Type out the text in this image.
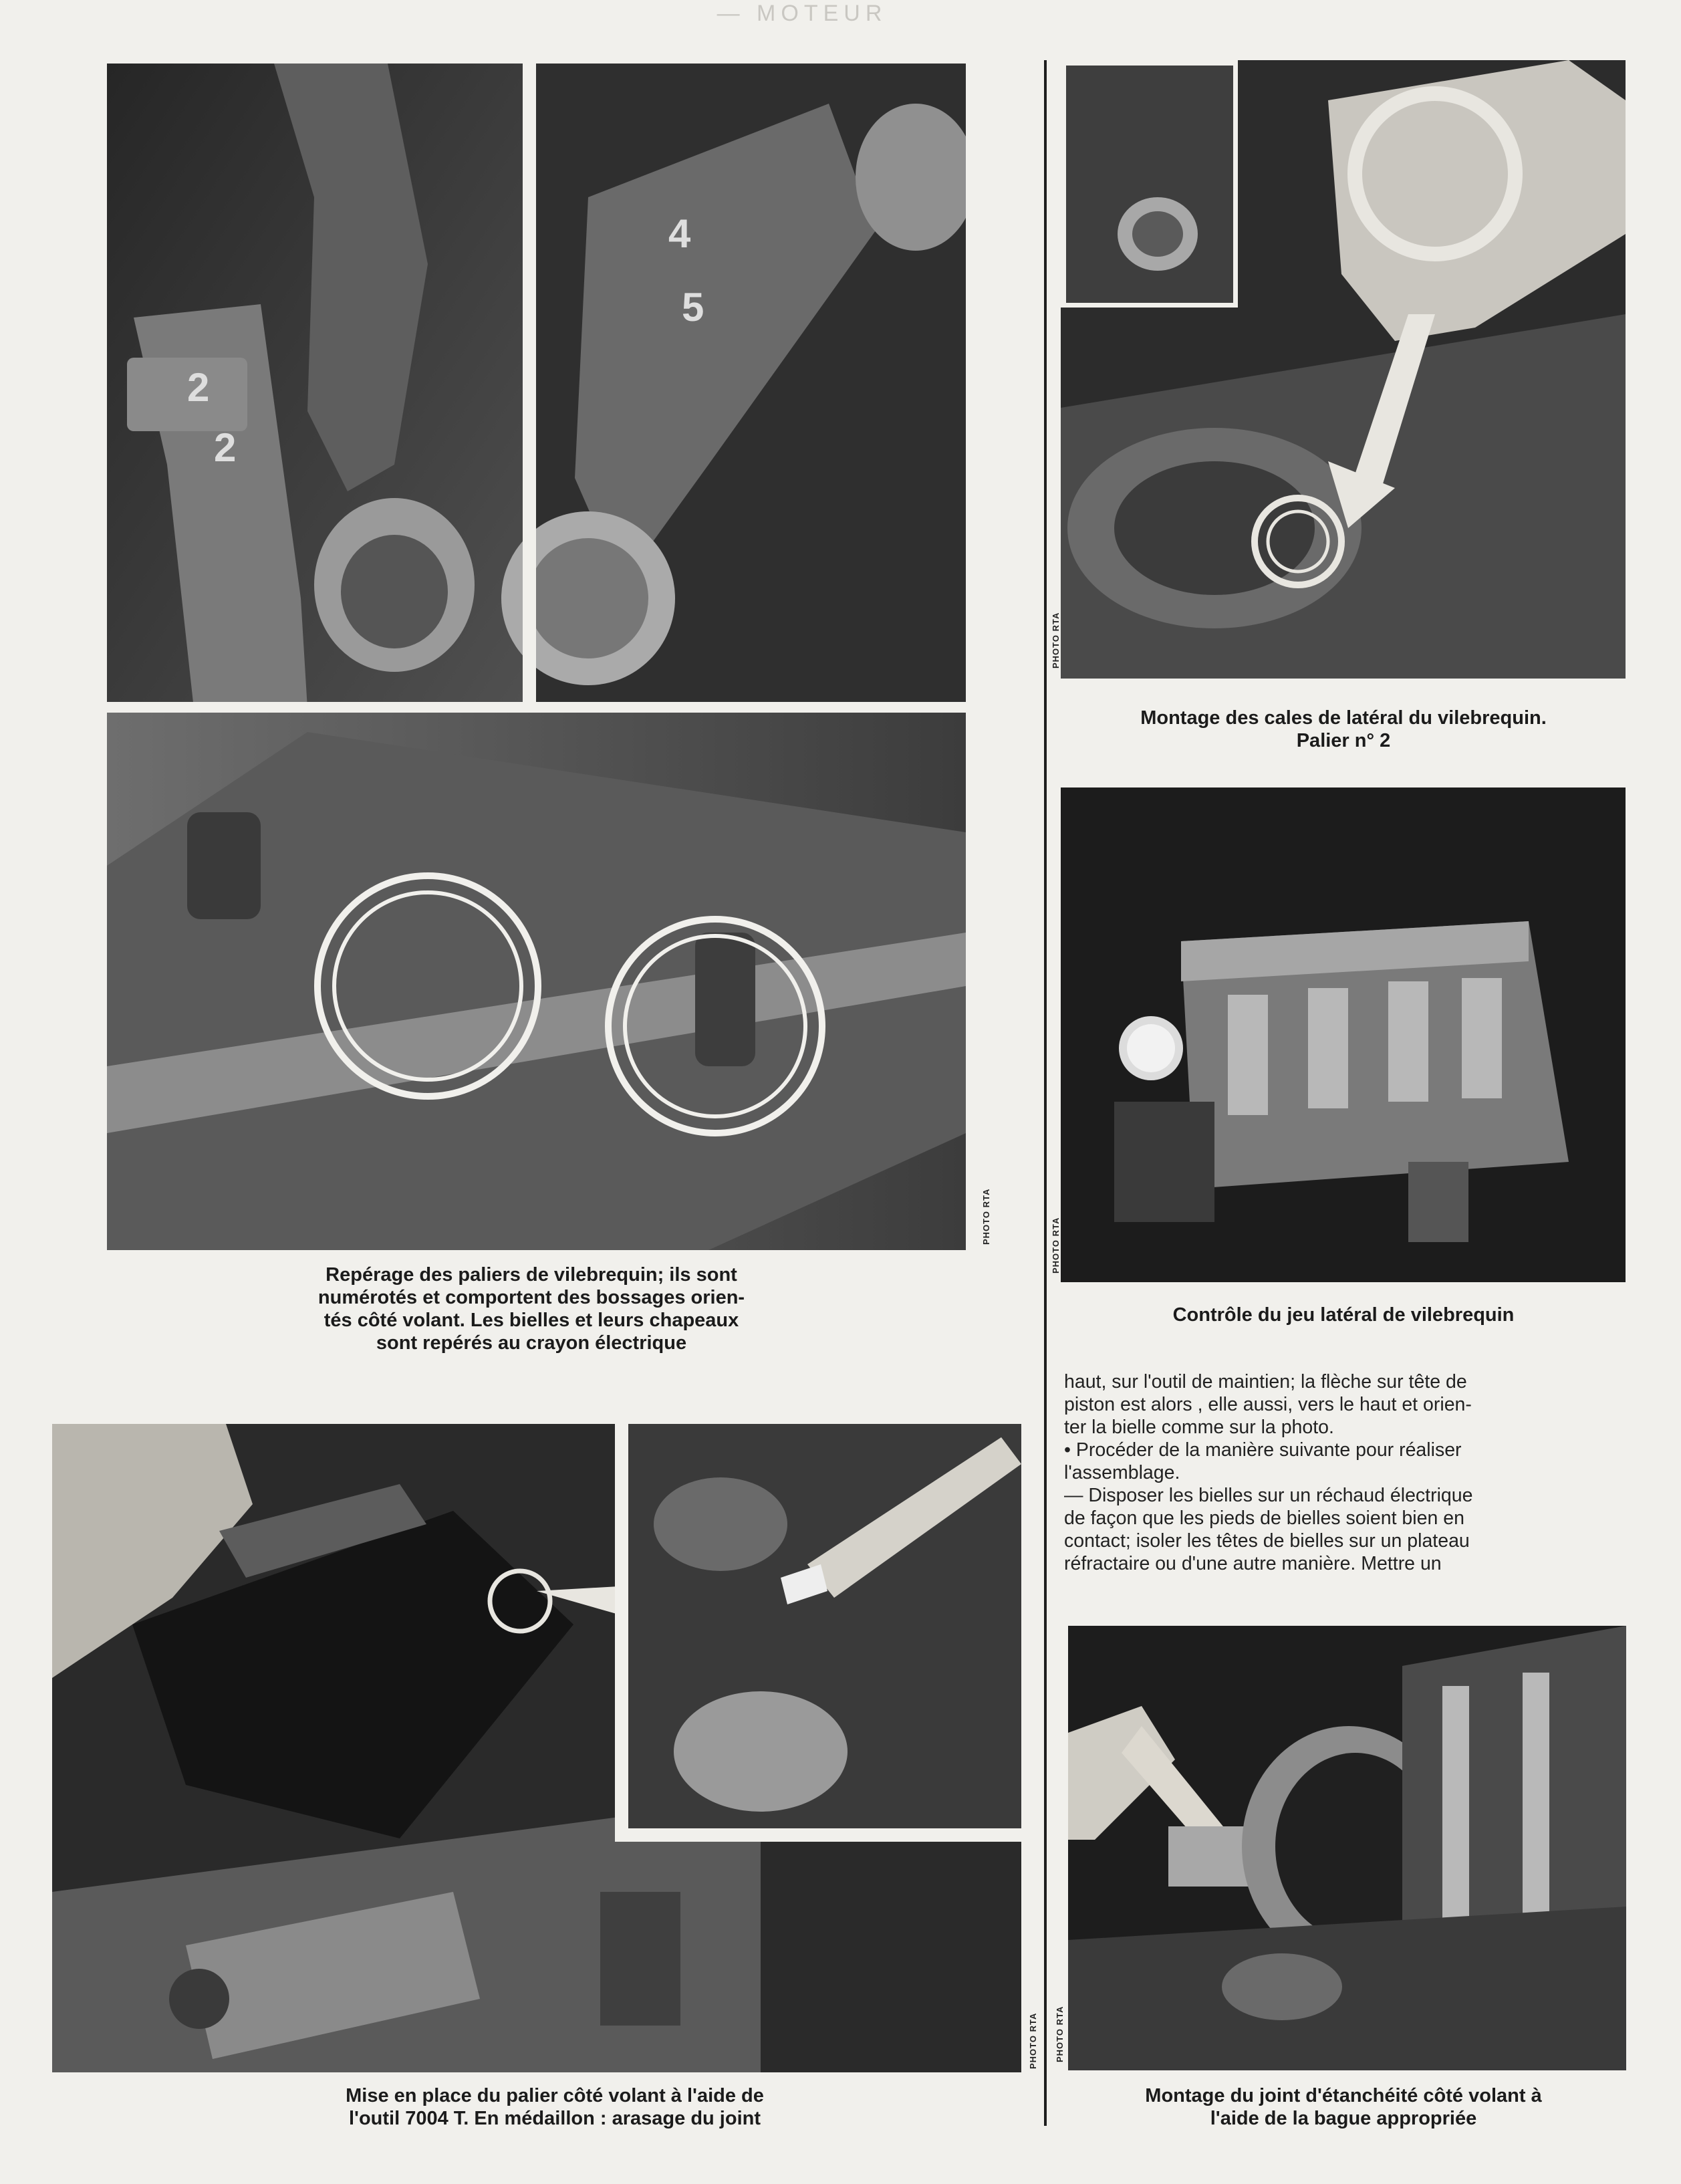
— MOTEUR
2
2
4
5
PHOTO RTA
Repérage des paliers de vilebrequin; ils sont
numérotés et comportent des bossages orien-
tés côté volant. Les bielles et leurs chapeaux
sont repérés au crayon électrique
PHOTO RTA
Montage des cales de latéral du vilebrequin.
Palier n° 2
PHOTO RTA
Contrôle du jeu latéral de vilebrequin
haut, sur l'outil de maintien; la flèche sur tête de
piston est alors , elle aussi, vers le haut et orien-
ter la bielle comme sur la photo.
• Procéder de la manière suivante pour réaliser
l'assemblage.
— Disposer les bielles sur un réchaud électrique
de façon que les pieds de bielles soient bien en
contact; isoler les têtes de bielles sur un plateau
réfractaire ou d'une autre manière. Mettre un
PHOTO RTA
Mise en place du palier côté volant à l'aide de
l'outil 7004 T. En médaillon : arasage du joint
PHOTO RTA
Montage du joint d'étanchéité côté volant à
l'aide de la bague appropriée
